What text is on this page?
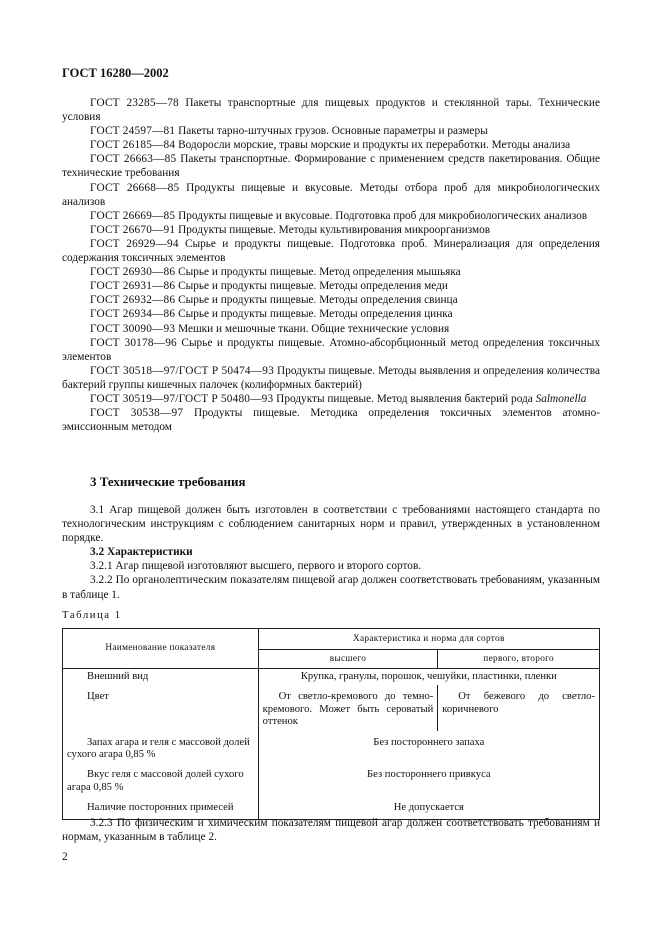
ГОСТ 16280—2002

ГОСТ 23285—78 Пакеты транспортные для пищевых продуктов и стеклянной тары. Технические условия

ГОСТ 24597—81 Пакеты тарно-штучных грузов. Основные параметры и размеры

ГОСТ 26185—84 Водоросли морские, травы морские и продукты их переработки. Методы анализа

ГОСТ 26663—85 Пакеты транспортные. Формирование с применением средств пакетирования. Общие технические требования

ГОСТ 26668—85 Продукты пищевые и вкусовые. Методы отбора проб для микробиологических анализов

ГОСТ 26669—85 Продукты пищевые и вкусовые. Подготовка проб для микробиологических анализов

ГОСТ 26670—91 Продукты пищевые. Методы культивирования микроорганизмов

ГОСТ 26929—94 Сырье и продукты пищевые. Подготовка проб. Минерализация для определения содержания токсичных элементов

ГОСТ 26930—86 Сырье и продукты пищевые. Метод определения мышьяка

ГОСТ 26931—86 Сырье и продукты пищевые. Методы определения меди

ГОСТ 26932—86 Сырье и продукты пищевые. Методы определения свинца

ГОСТ 26934—86 Сырье и продукты пищевые. Методы определения цинка

ГОСТ 30090—93 Мешки и мешочные ткани. Общие технические условия

ГОСТ 30178—96 Сырье и продукты пищевые. Атомно-абсорбционный метод определения токсичных элементов

ГОСТ 30518—97/ГОСТ Р 50474—93 Продукты пищевые. Методы выявления и определения количества бактерий группы кишечных палочек (колиформных бактерий)

ГОСТ 30519—97/ГОСТ Р 50480—93 Продукты пищевые. Метод выявления бактерий рода Salmonella

ГОСТ 30538—97 Продукты пищевые. Методика определения токсичных элементов атомно-эмиссионным методом

3 Технические требования

3.1 Агар пищевой должен быть изготовлен в соответствии с требованиями настоящего стандарта по технологическим инструкциям с соблюдением санитарных норм и правил, утвержденных в установленном порядке.

3.2 Характеристики

3.2.1 Агар пищевой изготовляют высшего, первого и второго сортов.

3.2.2 По органолептическим показателям пищевой агар должен соответствовать требованиям, указанным в таблице 1.

Таблица 1
Наименование показателя	Характеристика и норма для сортов	
	высшего	первого, второго
Внешний вид	Крупка, гранулы, порошок, чешуйки, пластинки, пленки	
Цвет	От светло-кремового до темно-кремового. Может быть сероватый оттенок	От бежевого до светло-коричневого
Запах агара и геля с массовой долей сухого агара 0,85 %	Без постороннего запаха	
Вкус геля с массовой долей сухого агара 0,85 %	Без постороннего привкуса	
Наличие посторонних примесей	Не допускается	

3.2.3 По физическим и химическим показателям пищевой агар должен соответствовать требованиям и нормам, указанным в таблице 2.

2
